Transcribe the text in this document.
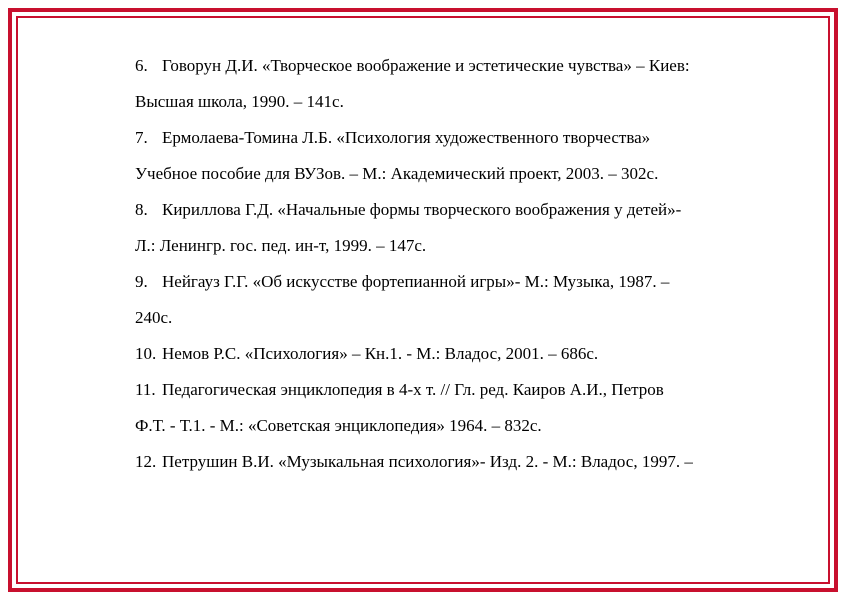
6. Говорун Д.И. «Творческое воображение и эстетические чувства» – Киев:
Высшая школа, 1990. – 141с.
7. Ермолаева-Томина Л.Б. «Психология художественного творчества»
Учебное пособие для ВУЗов. – М.: Академический проект, 2003. – 302с.
8. Кириллова Г.Д. «Начальные формы творческого воображения у детей»-
Л.: Ленингр. гос. пед. ин-т, 1999. – 147с.
9. Нейгауз Г.Г. «Об искусстве фортепианной игры»- М.: Музыка, 1987. –
240с.
10. Немов Р.С. «Психология» – Кн.1. - М.: Владос, 2001. – 686с.
11. Педагогическая энциклопедия в 4-х т. // Гл. ред. Каиров А.И., Петров
Ф.Т. - Т.1. - М.: «Советская энциклопедия» 1964. – 832с.
12. Петрушин В.И. «Музыкальная психология»- Изд. 2. - М.: Владос, 1997. –
